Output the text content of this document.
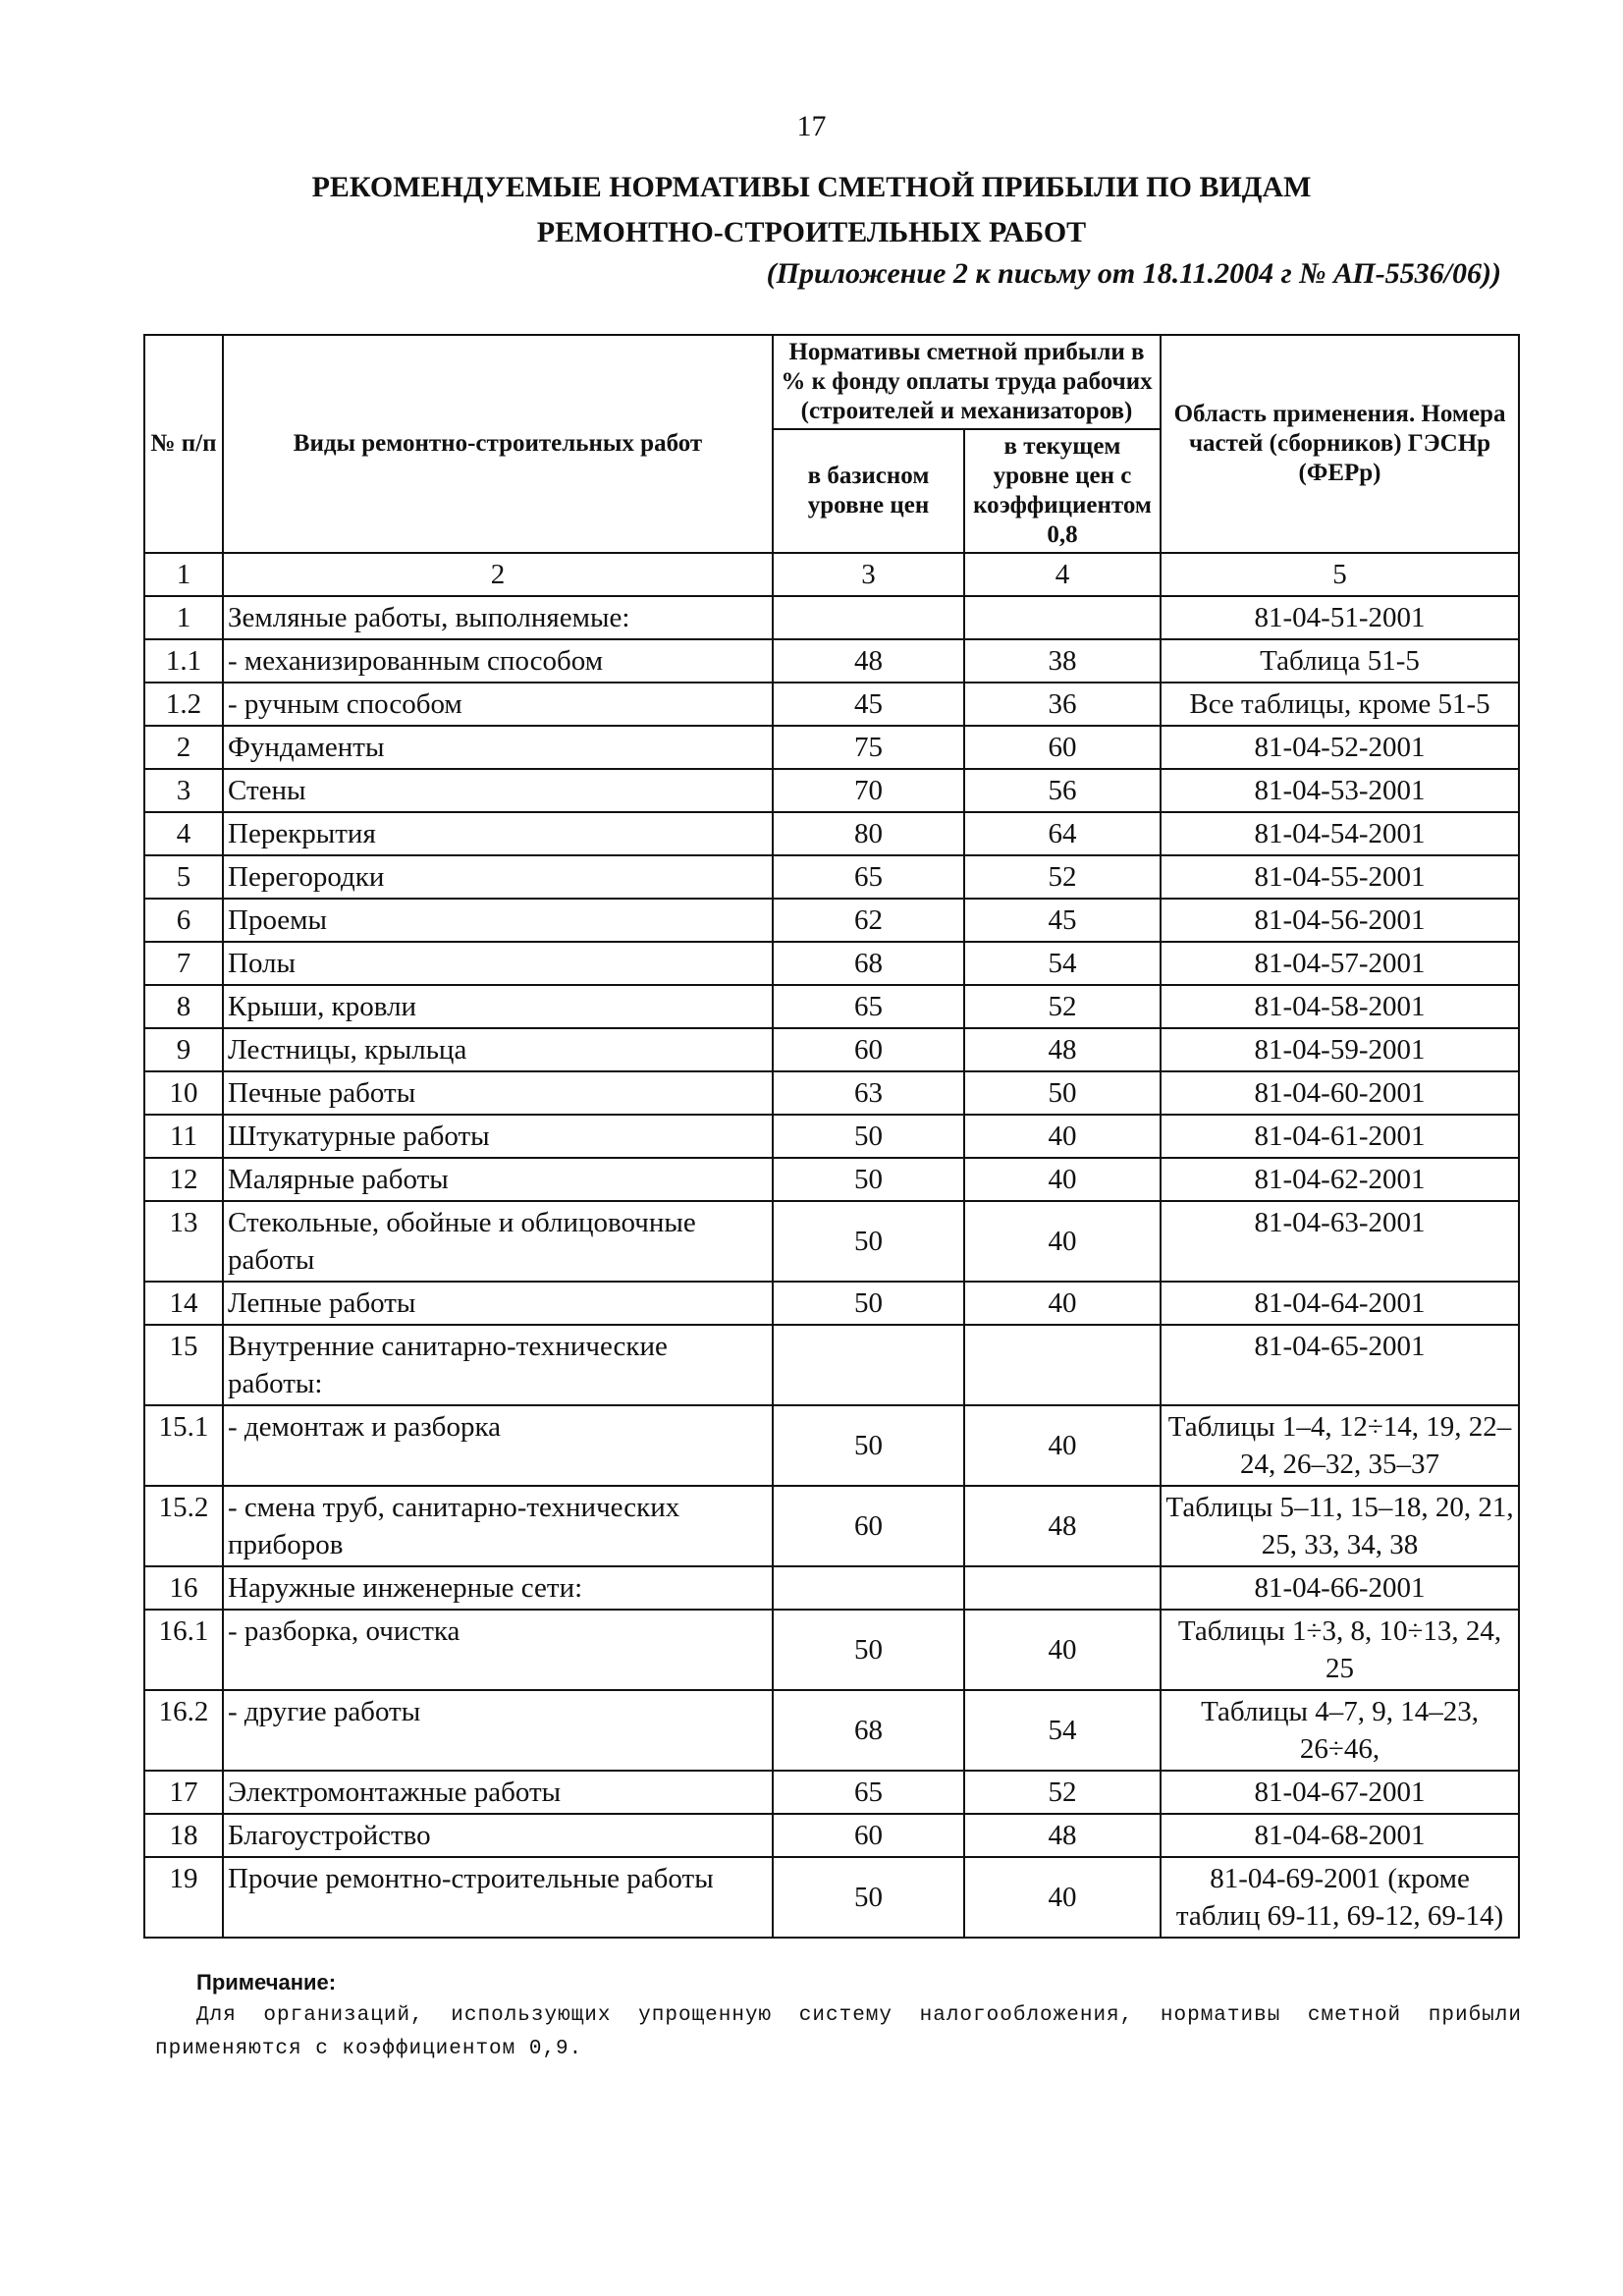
17
РЕКОМЕНДУЕМЫЕ НОРМАТИВЫ СМЕТНОЙ ПРИБЫЛИ ПО ВИДАМ
РЕМОНТНО-СТРОИТЕЛЬНЫХ РАБОТ
(Приложение 2 к письму от 18.11.2004 г № АП-5536/06))
№ п/п	Виды ремонтно-строительных работ	Нормативы сметной прибыли в % к фонду оплаты труда рабочих (строителей и механизаторов)		Область применения. Номера частей (сборников) ГЭСНр (ФЕРр)
		в базисном уровне цен	в текущем уровне цен с коэффициентом 0,8	

1	2	3	4	5
1	Земляные работы, выполняемые:			81-04-51-2001
1.1	- механизированным способом	48	38	Таблица 51-5
1.2	- ручным способом	45	36	Все таблицы, кроме 51-5
2	Фундаменты	75	60	81-04-52-2001
3	Стены	70	56	81-04-53-2001
4	Перекрытия	80	64	81-04-54-2001
5	Перегородки	65	52	81-04-55-2001
6	Проемы	62	45	81-04-56-2001
7	Полы	68	54	81-04-57-2001
8	Крыши, кровли	65	52	81-04-58-2001
9	Лестницы, крыльца	60	48	81-04-59-2001
10	Печные работы	63	50	81-04-60-2001
11	Штукатурные работы	50	40	81-04-61-2001
12	Малярные работы	50	40	81-04-62-2001
13	Стекольные, обойные и облицовочные работы	50	40	81-04-63-2001
14	Лепные работы	50	40	81-04-64-2001
15	Внутренние санитарно-технические работы:			81-04-65-2001
15.1	- демонтаж и разборка	50	40	Таблицы 1–4, 12÷14, 19, 22–24, 26–32, 35–37
15.2	- смена труб, санитарно-технических приборов	60	48	Таблицы 5–11, 15–18, 20, 21, 25, 33, 34, 38
16	Наружные инженерные сети:			81-04-66-2001
16.1	- разборка, очистка	50	40	Таблицы 1÷3, 8, 10÷13, 24, 25
16.2	- другие работы	68	54	Таблицы 4–7, 9, 14–23, 26÷46,
17	Электромонтажные работы	65	52	81-04-67-2001
18	Благоустройство	60	48	81-04-68-2001
19	Прочие ремонтно-строительные работы	50	40	81-04-69-2001 (кроме таблиц 69-11, 69-12, 69-14)
Примечание:
Для организаций, использующих упрощенную систему налогообложения, нормативы сметной прибыли применяются с коэффициентом 0,9.
